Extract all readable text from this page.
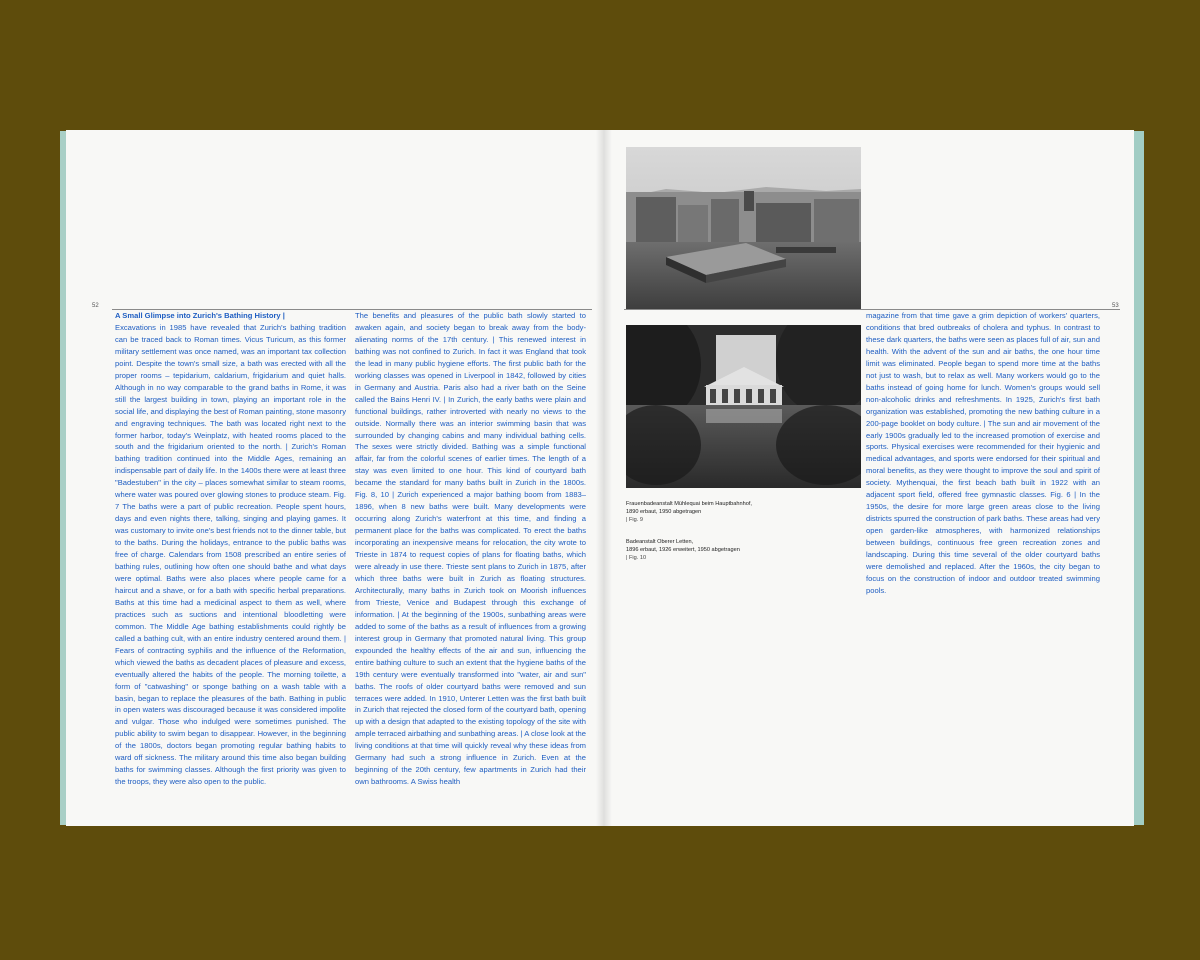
52	53

A Small Glimpse into Zurich's Bathing History |

Excavations in 1985 have revealed that Zurich's bathing tradition can be traced back to Roman times. Vicus Turicum, as this former military settlement was once named, was an important tax collection point. Despite the town's small size, a bath was erected with all the proper rooms – tepidarium, caldarium, frigidarium and quiet halls. Although in no way comparable to the grand baths in Rome, it was still the largest building in town, playing an important role in the social life, and displaying the best of Roman painting, stone masonry and engraving techniques. The bath was located right next to the former harbor, today's Weinplatz, with heated rooms placed to the south and the frigidarium oriented to the north. | Zurich's Roman bathing tradition continued into the Middle Ages, remaining an indispensable part of daily life. In the 1400s there were at least three "Badestuben" in the city – places somewhat similar to steam rooms, where water was poured over glowing stones to produce steam. Fig. 7 The baths were a part of public recreation. People spent hours, days and even nights there, talking, singing and playing games. It was customary to invite one's best friends not to the dinner table, but to the baths. During the holidays, entrance to the public baths was free of charge. Calendars from 1508 prescribed an entire series of bathing rules, outlining how often one should bathe and what days were optimal. Baths were also places where people came for a haircut and a shave, or for a bath with specific herbal preparations. Baths at this time had a medicinal aspect to them as well, where practices such as suctions and intentional bloodletting were common. The Middle Age bathing establishments could rightly be called a bathing cult, with an entire industry centered around them. | Fears of contracting syphilis and the influence of the Reformation, which viewed the baths as decadent places of pleasure and excess, eventually altered the habits of the people. The morning toilette, a form of "catwashing" or sponge bathing on a wash table with a basin, began to replace the pleasures of the bath. Bathing in public in open waters was discouraged because it was considered impolite and vulgar. Those who indulged were sometimes punished. The public ability to swim began to disappear. However, in the beginning of the 1800s, doctors began promoting regular bathing habits to ward off sickness. The military around this time also began building baths for swimming classes. Although the first priority was given to the troops, they were also open to the public.

The benefits and pleasures of the public bath slowly started to awaken again, and society began to break away from the body-alienating norms of the 17th century. | This renewed interest in bathing was not confined to Zurich. In fact it was England that took the lead in many public hygiene efforts. The first public bath for the working classes was opened in Liverpool in 1842, followed by cities in Germany and Austria. Paris also had a river bath on the Seine called the Bains Henri IV. | In Zurich, the early baths were plain and functional buildings, rather introverted with nearly no views to the outside. Normally there was an interior swimming basin that was surrounded by changing cabins and many individual bathing cells. The sexes were strictly divided. Bathing was a simple functional affair, far from the colorful scenes of earlier times. The length of a stay was even limited to one hour. This kind of courtyard bath became the standard for many baths built in Zurich in the 1800s. Fig. 8, 10 | Zurich experienced a major bathing boom from 1883–1896, when 8 new baths were built. Many developments were occurring along Zurich's waterfront at this time, and finding a permanent place for the baths was complicated. To erect the baths incorporating an inexpensive means for relocation, the city wrote to Trieste in 1874 to request copies of plans for floating baths, which were already in use there. Trieste sent plans to Zurich in 1875, after which three baths were built in Zurich as floating structures. Architecturally, many baths in Zurich took on Moorish influences from Trieste, Venice and Budapest through this exchange of information. | At the beginning of the 1900s, sunbathing areas were added to some of the baths as a result of influences from a growing interest group in Germany that promoted natural living. This group expounded the healthy effects of the air and sun, influencing the entire bathing culture to such an extent that the hygiene baths of the 19th century were eventually transformed into "water, air and sun" baths. The roofs of older courtyard baths were removed and sun terraces were added. In 1910, Unterer Letten was the first bath built in Zurich that rejected the closed form of the courtyard bath, opening up with a design that adapted to the existing topology of the site with ample terraced airbathing and sunbathing areas. | A close look at the living conditions at that time will quickly reveal why these ideas from Germany had such a strong influence in Zurich. Even at the beginning of the 20th century, few apartments in Zurich had their own bathrooms. A Swiss health

Frauenbadeanstalt Mühlequai beim Hauptbahnhof,
1890 erbaut, 1950 abgetragen
| Fig. 9
Badeanstalt Oberer Letten,
1896 erbaut, 1926 erweitert, 1950 abgetragen
| Fig. 10

magazine from that time gave a grim depiction of workers' quarters, conditions that bred outbreaks of cholera and typhus. In contrast to these dark quarters, the baths were seen as places full of air, sun and health. With the advent of the sun and air baths, the one hour time limit was eliminated. People began to spend more time at the baths not just to wash, but to relax as well. Many workers would go to the baths instead of going home for lunch. Women's groups would sell non-alcoholic drinks and refreshments. In 1925, Zurich's first bath organization was established, promoting the new bathing culture in a 200-page booklet on body culture. | The sun and air movement of the early 1900s gradually led to the increased promotion of exercise and sports. Physical exercises were recommended for their hygienic and medical advantages, and sports were endorsed for their spiritual and moral benefits, as they were thought to improve the soul and spirit of society. Mythenquai, the first beach bath built in 1922 with an adjacent sport field, offered free gymnastic classes. Fig. 6 | In the 1950s, the desire for more large green areas close to the living districts spurred the construction of park baths. These areas had very open garden-like atmospheres, with harmonized relationships between buildings, continuous free green recreation zones and landscaping. During this time several of the older courtyard baths were demolished and replaced. After the 1960s, the city began to focus on the construction of indoor and outdoor treated swimming pools.
